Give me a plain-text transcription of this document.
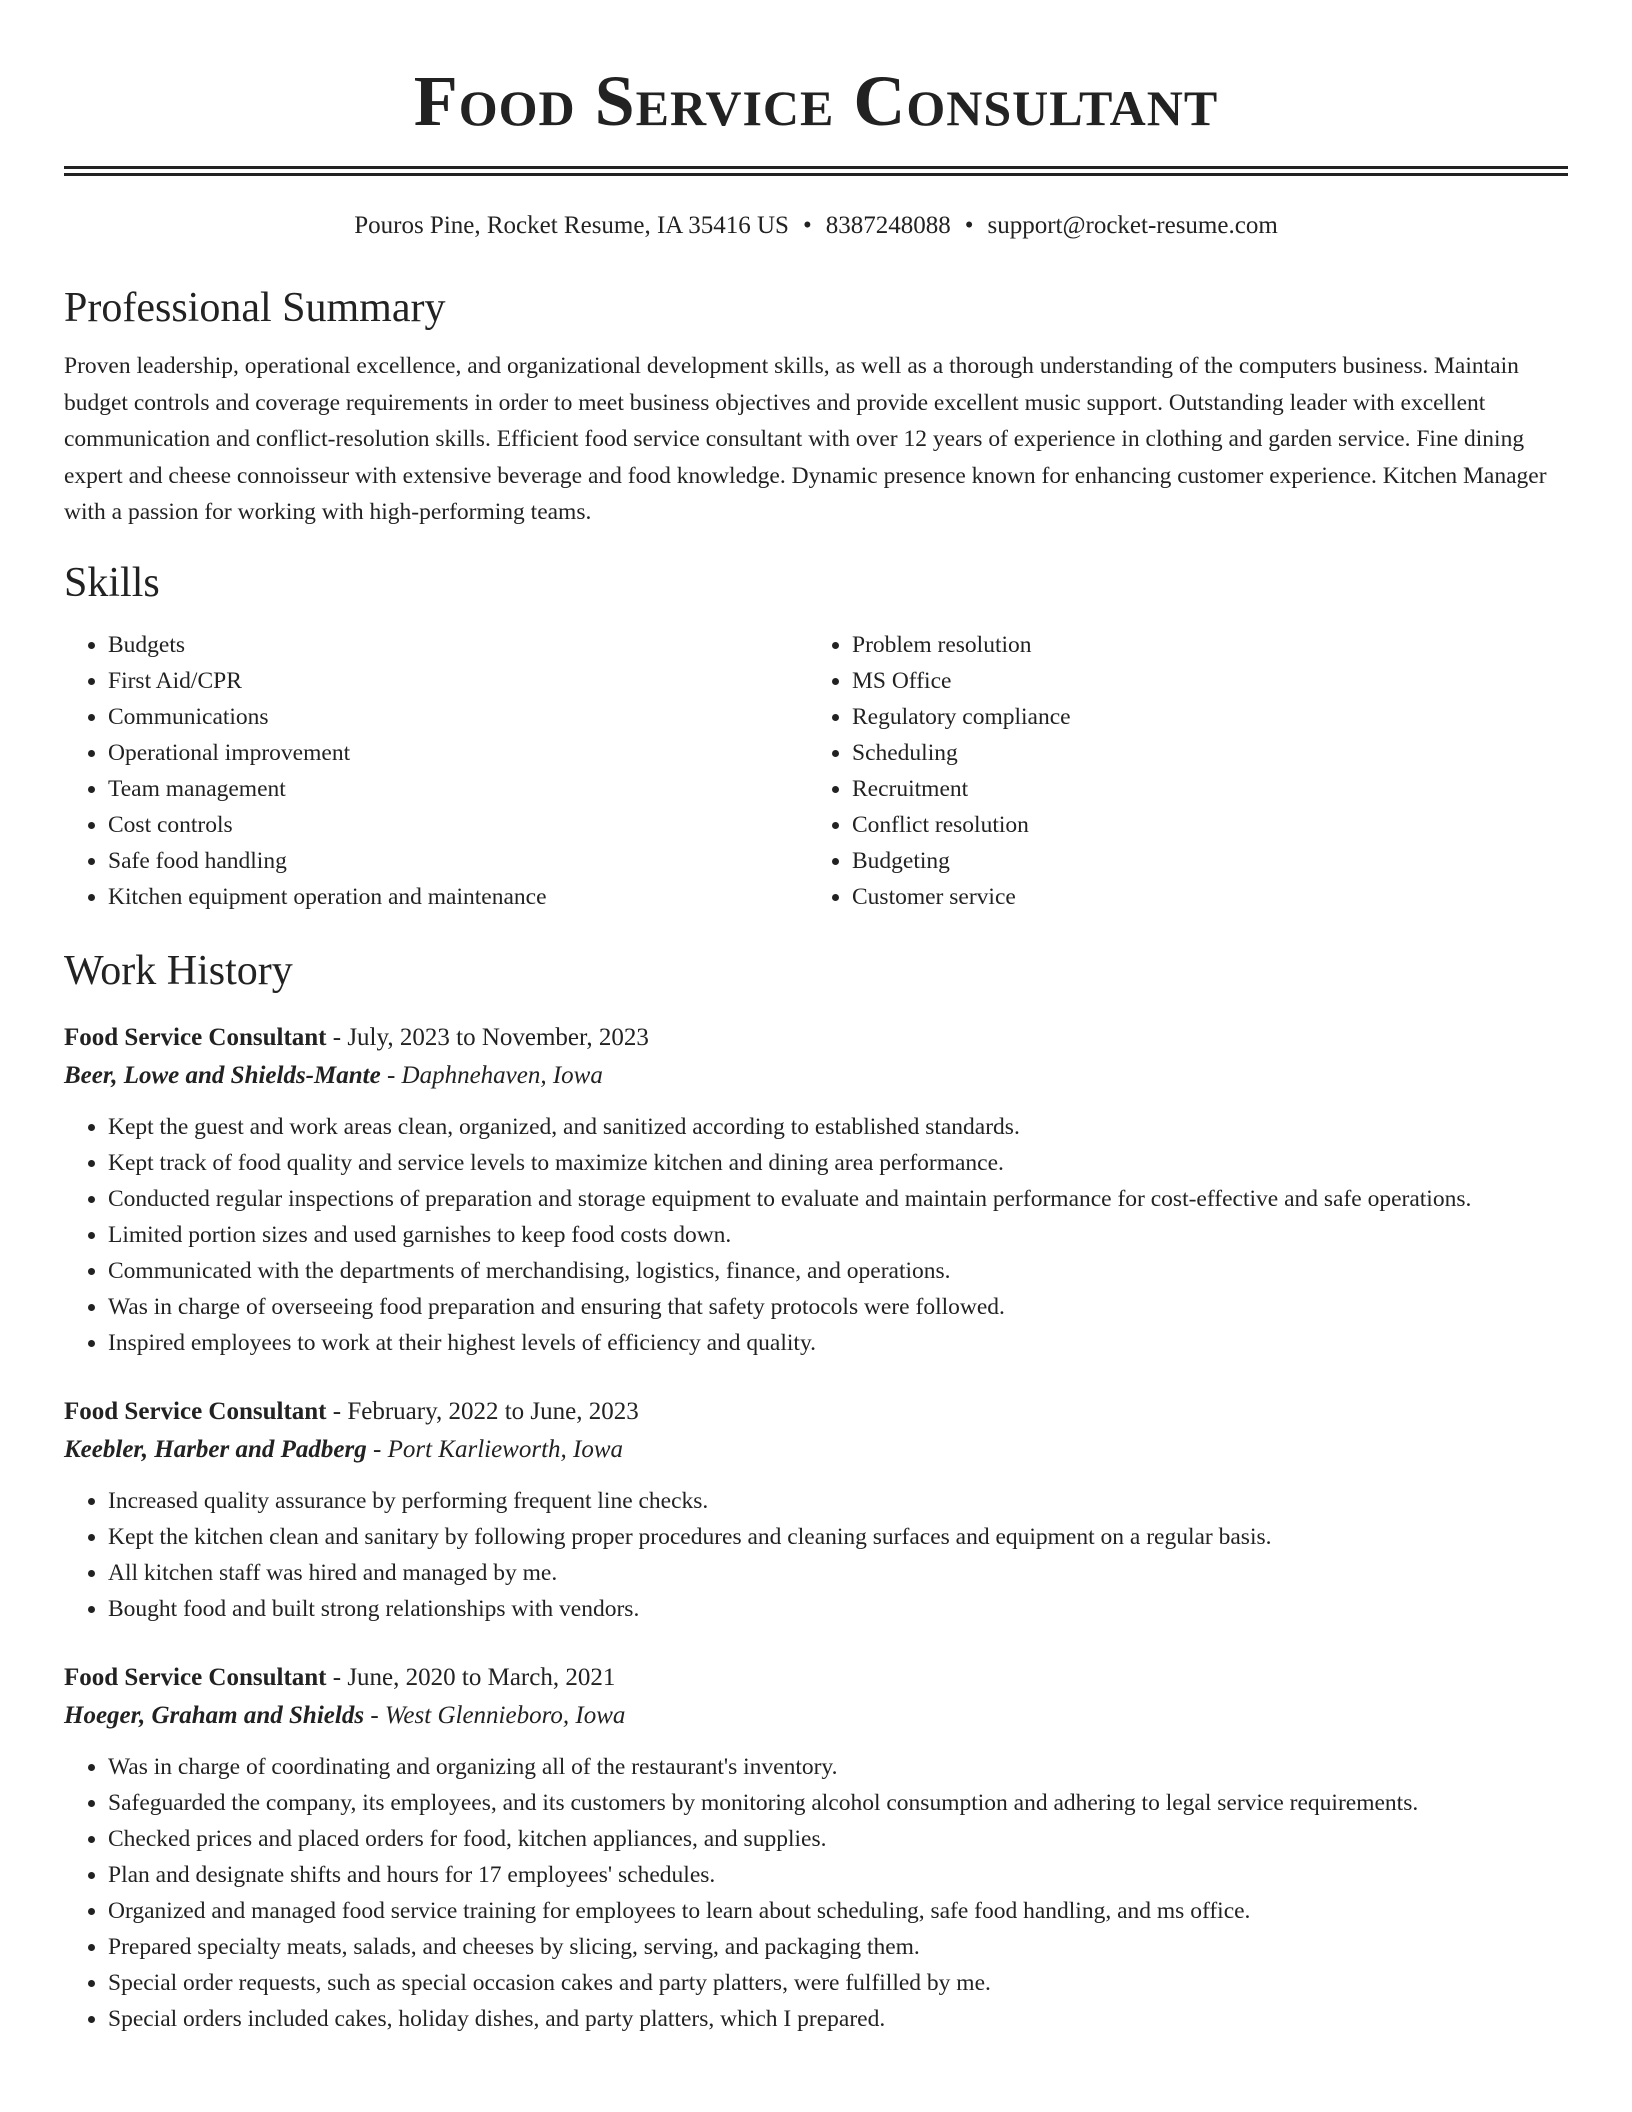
Food Service Consultant
Pouros Pine, Rocket Resume, IA 35416 US • 8387248088 • support@rocket-resume.com
Professional Summary

Proven leadership, operational excellence, and organizational development skills, as well as a thorough understanding of the computers business. Maintain budget controls and coverage requirements in order to meet business objectives and provide excellent music support. Outstanding leader with excellent communication and conflict-resolution skills. Efficient food service consultant with over 12 years of experience in clothing and garden service. Fine dining expert and cheese connoisseur with extensive beverage and food knowledge. Dynamic presence known for enhancing customer experience. Kitchen Manager with a passion for working with high-performing teams.

Skills
• Budgets
• First Aid/CPR
• Communications
• Operational improvement
• Team management
• Cost controls
• Safe food handling
• Kitchen equipment operation and maintenance
• Problem resolution
• MS Office
• Regulatory compliance
• Scheduling
• Recruitment
• Conflict resolution
• Budgeting
• Customer service
Work History
Food Service Consultant - July, 2023 to November, 2023
Beer, Lowe and Shields-Mante - Daphnehaven, Iowa
• Kept the guest and work areas clean, organized, and sanitized according to established standards.
• Kept track of food quality and service levels to maximize kitchen and dining area performance.
• Conducted regular inspections of preparation and storage equipment to evaluate and maintain performance for cost-effective and safe operations.
• Limited portion sizes and used garnishes to keep food costs down.
• Communicated with the departments of merchandising, logistics, finance, and operations.
• Was in charge of overseeing food preparation and ensuring that safety protocols were followed.
• Inspired employees to work at their highest levels of efficiency and quality.
Food Service Consultant - February, 2022 to June, 2023
Keebler, Harber and Padberg - Port Karlieworth, Iowa
• Increased quality assurance by performing frequent line checks.
• Kept the kitchen clean and sanitary by following proper procedures and cleaning surfaces and equipment on a regular basis.
• All kitchen staff was hired and managed by me.
• Bought food and built strong relationships with vendors.
Food Service Consultant - June, 2020 to March, 2021
Hoeger, Graham and Shields - West Glennieboro, Iowa
• Was in charge of coordinating and organizing all of the restaurant's inventory.
• Safeguarded the company, its employees, and its customers by monitoring alcohol consumption and adhering to legal service requirements.
• Checked prices and placed orders for food, kitchen appliances, and supplies.
• Plan and designate shifts and hours for 17 employees' schedules.
• Organized and managed food service training for employees to learn about scheduling, safe food handling, and ms office.
• Prepared specialty meats, salads, and cheeses by slicing, serving, and packaging them.
• Special order requests, such as special occasion cakes and party platters, were fulfilled by me.
• Special orders included cakes, holiday dishes, and party platters, which I prepared.
